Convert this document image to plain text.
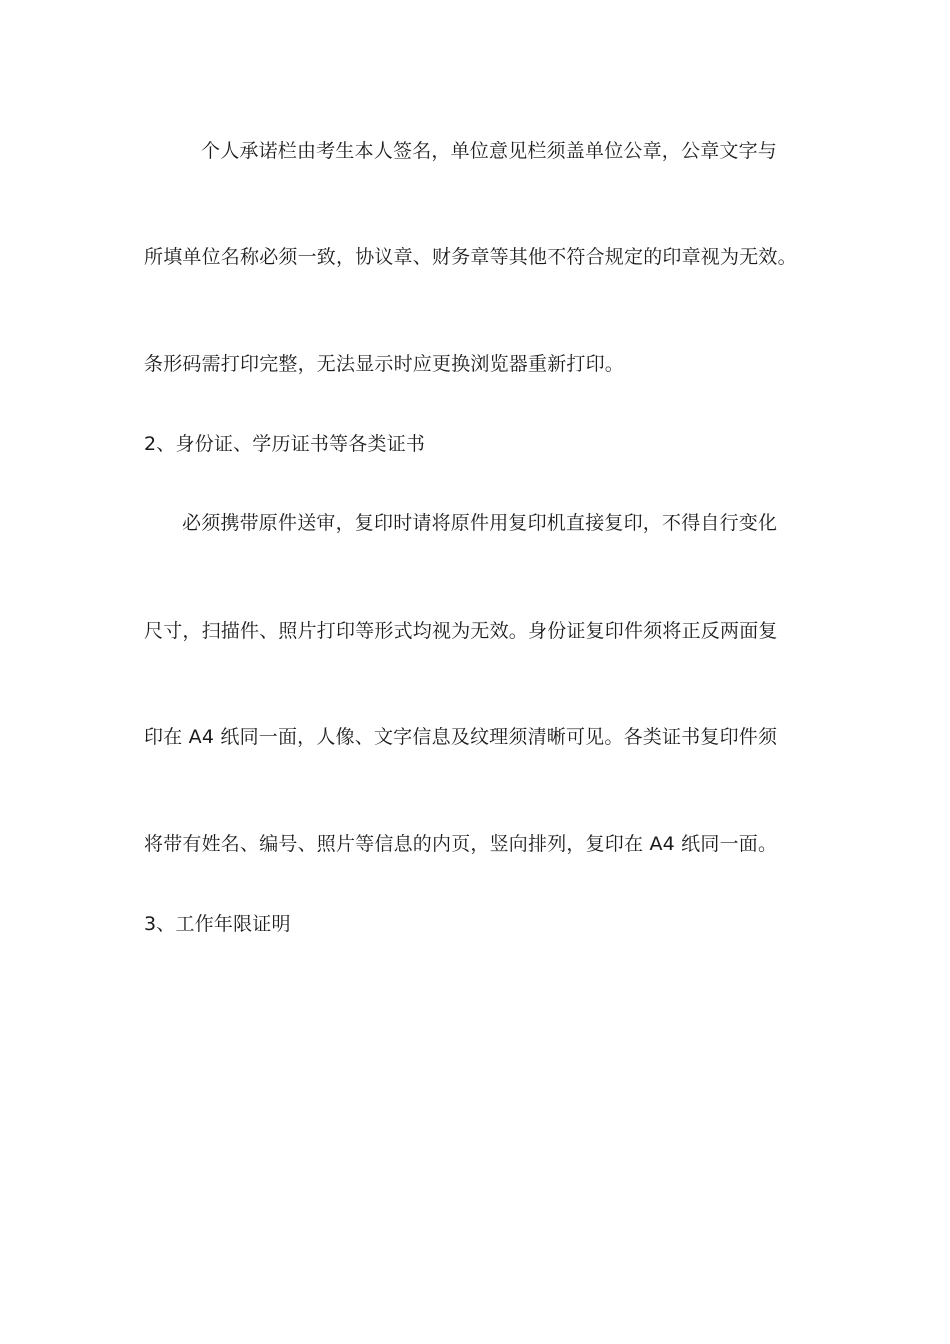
个人承诺栏由考生本人签名，单位意见栏须盖单位公章，公章文字与
所填单位名称必须一致，协议章、财务章等其他不符合规定的印章视为无效。
条形码需打印完整，无法显示时应更换浏览器重新打印。
2、身份证、学历证书等各类证书
必须携带原件送审，复印时请将原件用复印机直接复印，不得自行变化
尺寸，扫描件、照片打印等形式均视为无效。身份证复印件须将正反两面复
印在 A4 纸同一面，人像、文字信息及纹理须清晰可见。各类证书复印件须
将带有姓名、编号、照片等信息的内页，竖向排列，复印在 A4 纸同一面。
3、工作年限证明
